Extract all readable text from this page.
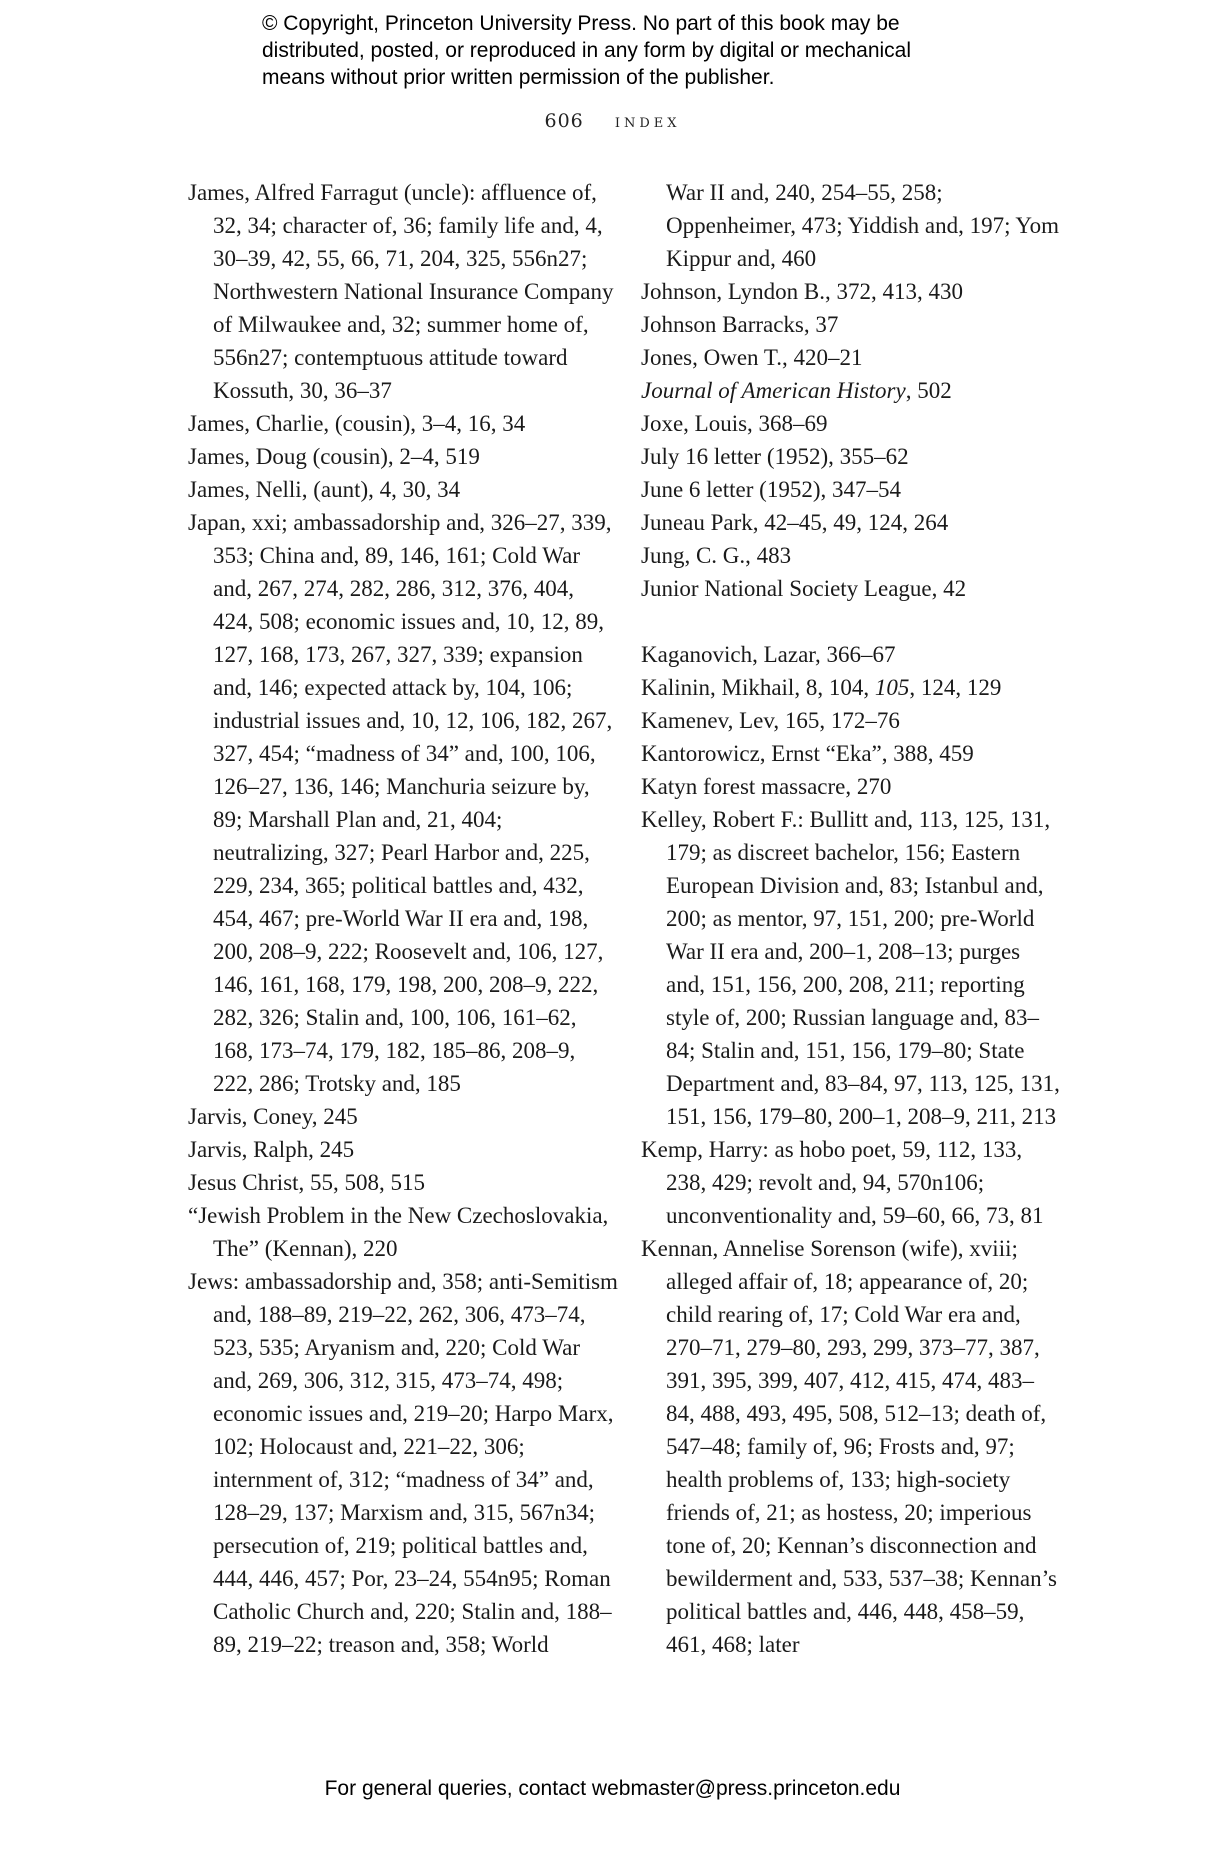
© Copyright, Princeton University Press. No part of this book may be
distributed, posted, or reproduced in any form by digital or mechanical
means without prior written permission of the publisher.
606 index

James, Alfred Farragut (uncle): affluence of, 32, 34; character of, 36; family life and, 4, 30–39, 42, 55, 66, 71, 204, 325, 556n27; Northwestern National Insurance Company of Milwaukee and, 32; summer home of, 556n27; contemptuous attitude toward Kossuth, 30, 36–37

James, Charlie, (cousin), 3–4, 16, 34

James, Doug (cousin), 2–4, 519

James, Nelli, (aunt), 4, 30, 34

Japan, xxi; ambassadorship and, 326–27, 339, 353; China and, 89, 146, 161; Cold War and, 267, 274, 282, 286, 312, 376, 404, 424, 508; economic issues and, 10, 12, 89, 127, 168, 173, 267, 327, 339; expansion and, 146; expected attack by, 104, 106; industrial issues and, 10, 12, 106, 182, 267, 327, 454; “madness of 34” and, 100, 106, 126–27, 136, 146; Manchuria seizure by, 89; Marshall Plan and, 21, 404; neutralizing, 327; Pearl Harbor and, 225, 229, 234, 365; political battles and, 432, 454, 467; pre-World War II era and, 198, 200, 208–9, 222; Roosevelt and, 106, 127, 146, 161, 168, 179, 198, 200, 208–9, 222, 282, 326; Stalin and, 100, 106, 161–62, 168, 173–74, 179, 182, 185–86, 208–9, 222, 286; Trotsky and, 185

Jarvis, Coney, 245

Jarvis, Ralph, 245

Jesus Christ, 55, 508, 515

“Jewish Problem in the New Czechoslovakia, The” (Kennan), 220

Jews: ambassadorship and, 358; anti-Semitism and, 188–89, 219–22, 262, 306, 473–74, 523, 535; Aryanism and, 220; Cold War and, 269, 306, 312, 315, 473–74, 498; economic issues and, 219–20; Harpo Marx, 102; Holocaust and, 221–22, 306; internment of, 312; “madness of 34” and, 128–29, 137; Marxism and, 315, 567n34; persecution of, 219; political battles and, 444, 446, 457; Por, 23–24, 554n95; Roman Catholic Church and, 220; Stalin and, 188–89, 219–22; treason and, 358; World

War II and, 240, 254–55, 258; Oppenheimer, 473; Yiddish and, 197; Yom Kippur and, 460

Johnson, Lyndon B., 372, 413, 430

Johnson Barracks, 37

Jones, Owen T., 420–21

Journal of American History, 502

Joxe, Louis, 368–69

July 16 letter (1952), 355–62

June 6 letter (1952), 347–54

Juneau Park, 42–45, 49, 124, 264

Jung, C. G., 483

Junior National Society League, 42

Kaganovich, Lazar, 366–67

Kalinin, Mikhail, 8, 104, 105, 124, 129

Kamenev, Lev, 165, 172–76

Kantorowicz, Ernst “Eka”, 388, 459

Katyn forest massacre, 270

Kelley, Robert F.: Bullitt and, 113, 125, 131, 179; as discreet bachelor, 156; Eastern European Division and, 83; Istanbul and, 200; as mentor, 97, 151, 200; pre-World War II era and, 200–1, 208–13; purges and, 151, 156, 200, 208, 211; reporting style of, 200; Russian language and, 83–84; Stalin and, 151, 156, 179–80; State Department and, 83–84, 97, 113, 125, 131, 151, 156, 179–80, 200–1, 208–9, 211, 213

Kemp, Harry: as hobo poet, 59, 112, 133, 238, 429; revolt and, 94, 570n106; unconventionality and, 59–60, 66, 73, 81

Kennan, Annelise Sorenson (wife), xviii; alleged affair of, 18; appearance of, 20; child rearing of, 17; Cold War era and, 270–71, 279–80, 293, 299, 373–77, 387, 391, 395, 399, 407, 412, 415, 474, 483–84, 488, 493, 495, 508, 512–13; death of, 547–48; family of, 96; Frosts and, 97; health problems of, 133; high-society friends of, 21; as hostess, 20; imperious tone of, 20; Kennan’s disconnection and bewilderment and, 533, 537–38; Kennan’s political battles and, 446, 448, 458–59, 461, 468; later

For general queries, contact webmaster@press.princeton.edu
